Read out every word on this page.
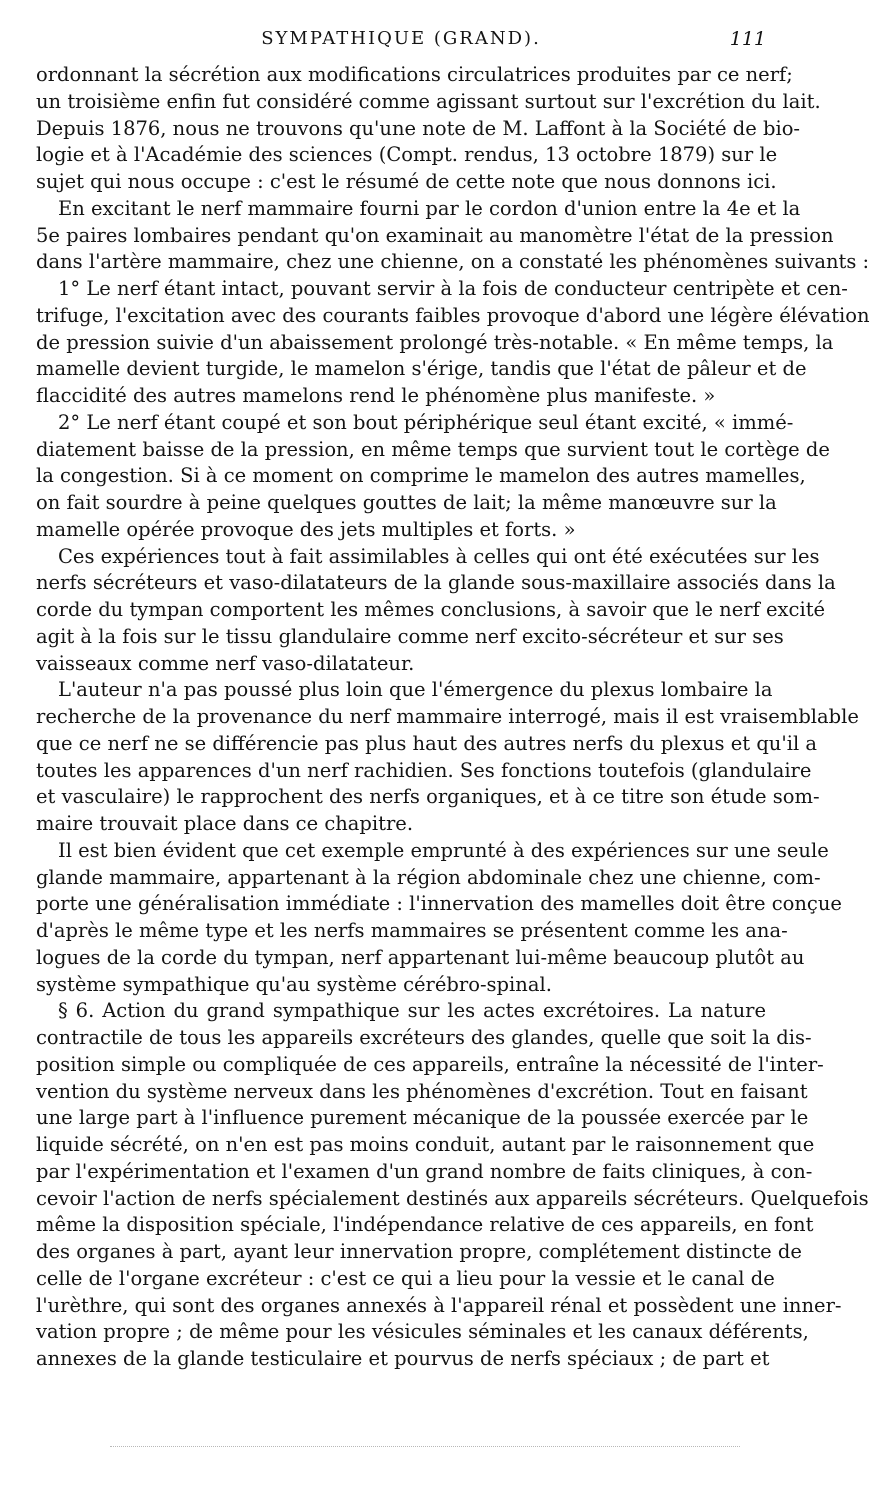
SYMPATHIQUE (GRAND).	111
ordonnant la sécrétion aux modifications circulatrices produites par ce nerf;
un troisième enfin fut considéré comme agissant surtout sur l'excrétion du lait.
Depuis 1876, nous ne trouvons qu'une note de M. Laffont à la Société de bio-
logie et à l'Académie des sciences (Compt. rendus, 13 octobre 1879) sur le
sujet qui nous occupe : c'est le résumé de cette note que nous donnons ici.
En excitant le nerf mammaire fourni par le cordon d'union entre la 4e et la
5e paires lombaires pendant qu'on examinait au manomètre l'état de la pression
dans l'artère mammaire, chez une chienne, on a constaté les phénomènes suivants :
1° Le nerf étant intact, pouvant servir à la fois de conducteur centripète et cen-
trifuge, l'excitation avec des courants faibles provoque d'abord une légère élévation
de pression suivie d'un abaissement prolongé très-notable. « En même temps, la
mamelle devient turgide, le mamelon s'érige, tandis que l'état de pâleur et de
flaccidité des autres mamelons rend le phénomène plus manifeste. »
2° Le nerf étant coupé et son bout périphérique seul étant excité, « immé-
diatement baisse de la pression, en même temps que survient tout le cortège de
la congestion. Si à ce moment on comprime le mamelon des autres mamelles,
on fait sourdre à peine quelques gouttes de lait; la même manœuvre sur la
mamelle opérée provoque des jets multiples et forts. »
Ces expériences tout à fait assimilables à celles qui ont été exécutées sur les
nerfs sécréteurs et vaso-dilatateurs de la glande sous-maxillaire associés dans la
corde du tympan comportent les mêmes conclusions, à savoir que le nerf excité
agit à la fois sur le tissu glandulaire comme nerf excito-sécréteur et sur ses
vaisseaux comme nerf vaso-dilatateur.
L'auteur n'a pas poussé plus loin que l'émergence du plexus lombaire la
recherche de la provenance du nerf mammaire interrogé, mais il est vraisemblable
que ce nerf ne se différencie pas plus haut des autres nerfs du plexus et qu'il a
toutes les apparences d'un nerf rachidien. Ses fonctions toutefois (glandulaire
et vasculaire) le rapprochent des nerfs organiques, et à ce titre son étude som-
maire trouvait place dans ce chapitre.
Il est bien évident que cet exemple emprunté à des expériences sur une seule
glande mammaire, appartenant à la région abdominale chez une chienne, com-
porte une généralisation immédiate : l'innervation des mamelles doit être conçue
d'après le même type et les nerfs mammaires se présentent comme les ana-
logues de la corde du tympan, nerf appartenant lui-même beaucoup plutôt au
système sympathique qu'au système cérébro-spinal.
§ 6. Action du grand sympathique sur les actes excrétoires. La nature
contractile de tous les appareils excréteurs des glandes, quelle que soit la dis-
position simple ou compliquée de ces appareils, entraîne la nécessité de l'inter-
vention du système nerveux dans les phénomènes d'excrétion. Tout en faisant
une large part à l'influence purement mécanique de la poussée exercée par le
liquide sécrété, on n'en est pas moins conduit, autant par le raisonnement que
par l'expérimentation et l'examen d'un grand nombre de faits cliniques, à con-
cevoir l'action de nerfs spécialement destinés aux appareils sécréteurs. Quelquefois
même la disposition spéciale, l'indépendance relative de ces appareils, en font
des organes à part, ayant leur innervation propre, complétement distincte de
celle de l'organe excréteur : c'est ce qui a lieu pour la vessie et le canal de
l'urèthre, qui sont des organes annexés à l'appareil rénal et possèdent une inner-
vation propre ; de même pour les vésicules séminales et les canaux déférents,
annexes de la glande testiculaire et pourvus de nerfs spéciaux ; de part et
